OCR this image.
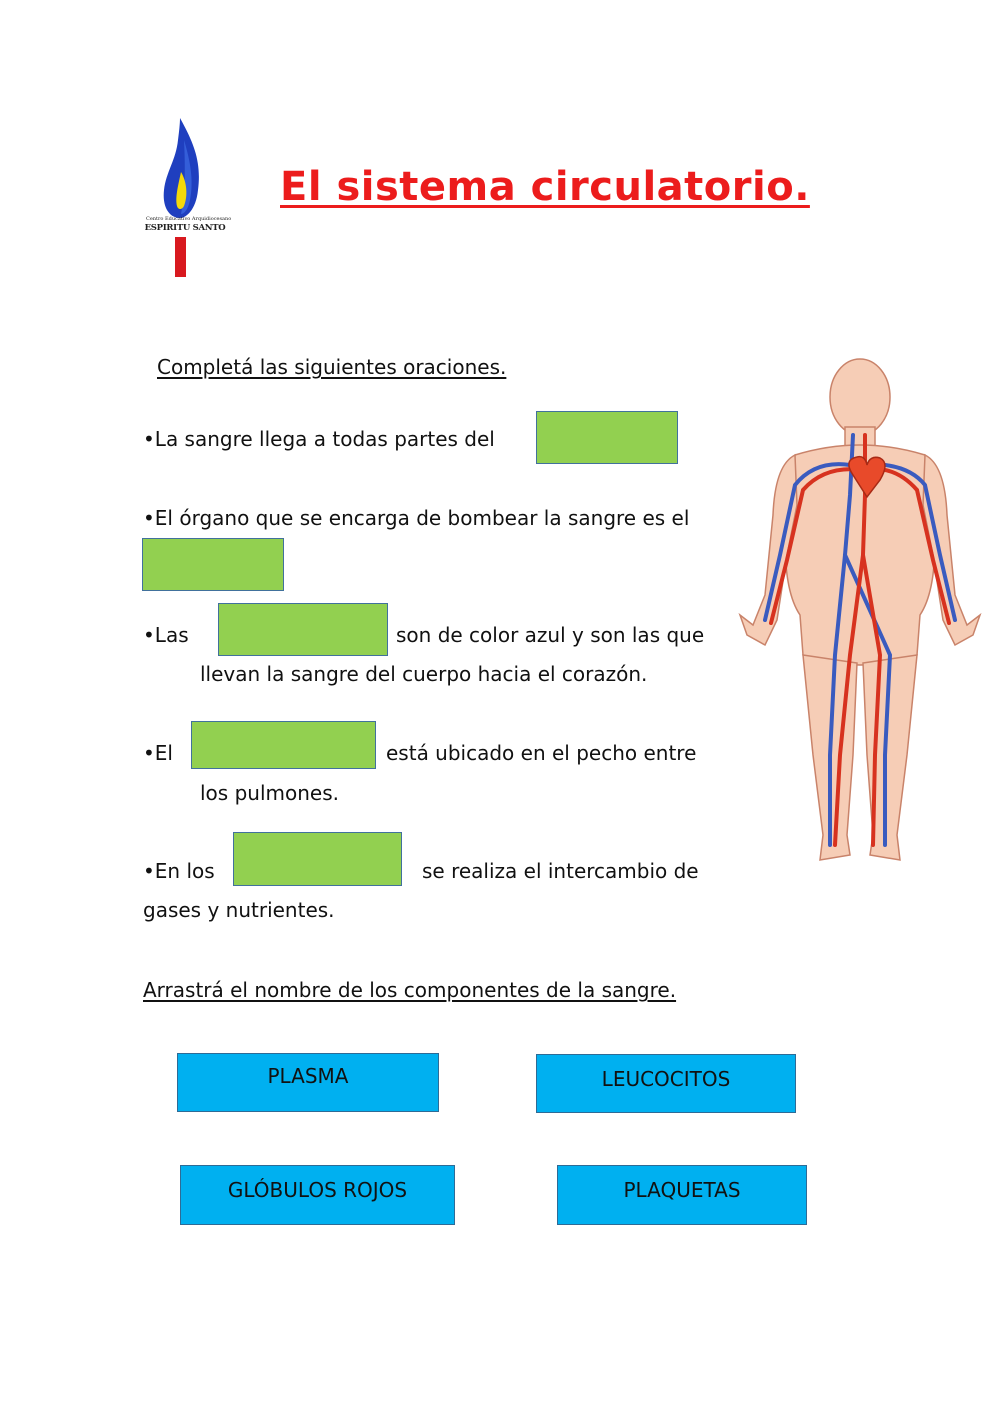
Centro Educativo Arquidiocesano
ESPIRITU SANTO
El sistema circulatorio.
Completá las siguientes oraciones.
•La sangre llega a todas partes del
•El órgano que se encarga de bombear la sangre es el
•Las	son de color azul y son las que
llevan la sangre del cuerpo hacia el corazón.
•El	está ubicado en el pecho entre
los pulmones.
•En los	se realiza el intercambio de
gases y nutrientes.
Arrastrá el nombre de los componentes de la sangre.
PLASMA	LEUCOCITOS
GLÓBULOS ROJOS	PLAQUETAS
